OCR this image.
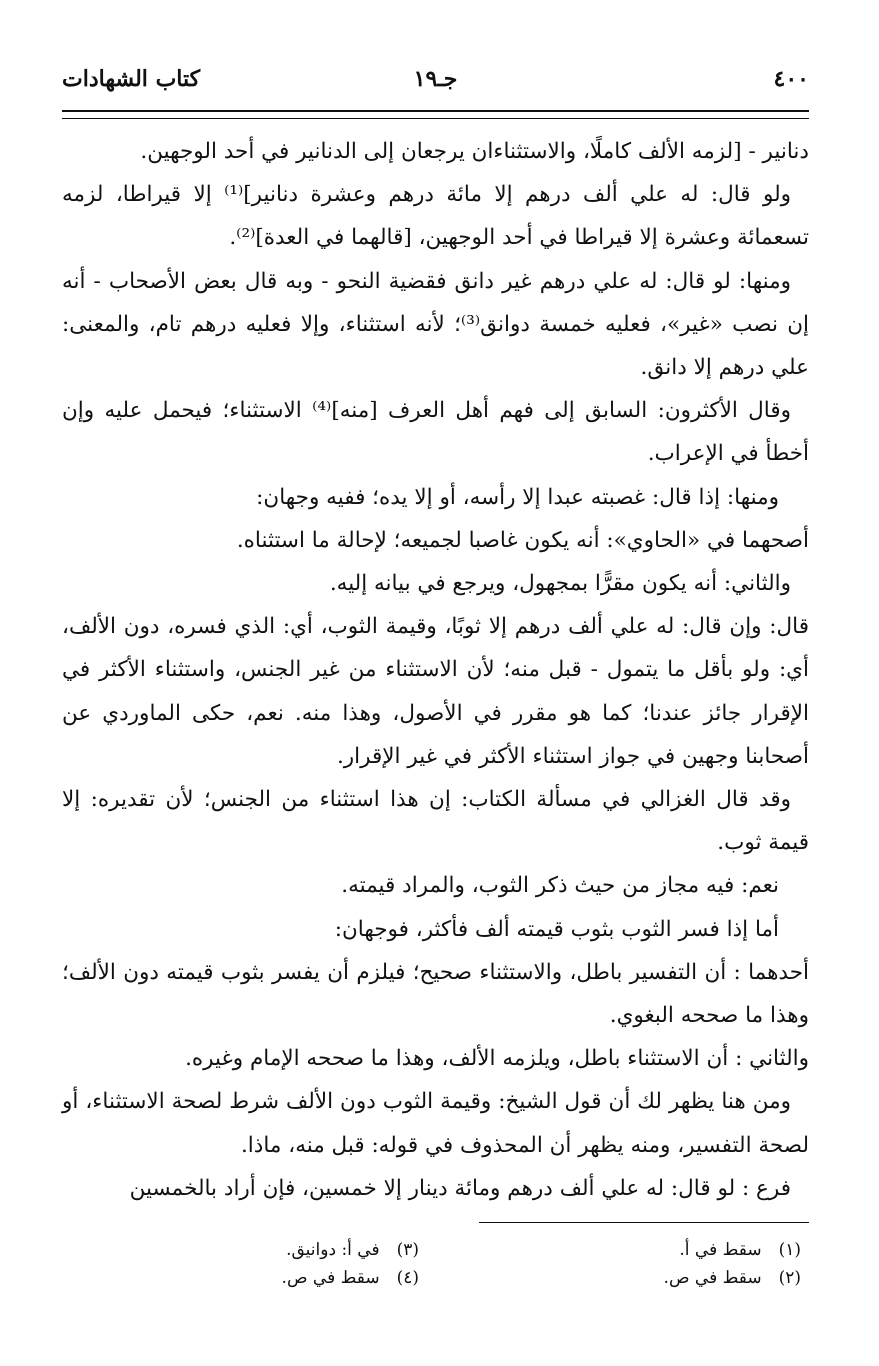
٤٠٠
جـ١٩
كتاب الشهادات

دنانير - [لزمه الألف كاملًا، والاستثناءان يرجعان إلى الدنانير في أحد الوجهين.

ولو قال: له علي ألف درهم إلا مائة درهم وعشرة دنانير]⁽¹⁾ إلا قيراطا، لزمه تسعمائة وعشرة إلا قيراطا في أحد الوجهين، [قالهما في العدة]⁽²⁾.

ومنها: لو قال: له علي درهم غير دانق فقضية النحو - وبه قال بعض الأصحاب - أنه إن نصب «غير»، فعليه خمسة دوانق⁽³⁾؛ لأنه استثناء، وإلا فعليه درهم تام، والمعنى: علي درهم إلا دانق.

وقال الأكثرون: السابق إلى فهم أهل العرف [منه]⁽⁴⁾ الاستثناء؛ فيحمل عليه وإن أخطأ في الإعراب.

ومنها: إذا قال: غصبته عبدا إلا رأسه، أو إلا يده؛ ففيه وجهان:

أصحهما في «الحاوي»: أنه يكون غاصبا لجميعه؛ لإحالة ما استثناه.

والثاني: أنه يكون مقرًّا بمجهول، ويرجع في بيانه إليه.

قال: وإن قال: له علي ألف درهم إلا ثوبًا، وقيمة الثوب، أي: الذي فسره، دون الألف، أي: ولو بأقل ما يتمول - قبل منه؛ لأن الاستثناء من غير الجنس، واستثناء الأكثر في الإقرار جائز عندنا؛ كما هو مقرر في الأصول، وهذا منه. نعم، حكى الماوردي عن أصحابنا وجهين في جواز استثناء الأكثر في غير الإقرار.

وقد قال الغزالي في مسألة الكتاب: إن هذا استثناء من الجنس؛ لأن تقديره: إلا قيمة ثوب.

نعم: فيه مجاز من حيث ذكر الثوب، والمراد قيمته.

أما إذا فسر الثوب بثوب قيمته ألف فأكثر، فوجهان:

أحدهما : أن التفسير باطل، والاستثناء صحيح؛ فيلزم أن يفسر بثوب قيمته دون الألف؛ وهذا ما صححه البغوي.

والثاني : أن الاستثناء باطل، ويلزمه الألف، وهذا ما صححه الإمام وغيره.

ومن هنا يظهر لك أن قول الشيخ: وقيمة الثوب دون الألف شرط لصحة الاستثناء، أو لصحة التفسير، ومنه يظهر أن المحذوف في قوله: قبل منه، ماذا.

فرع : لو قال: له علي ألف درهم ومائة دينار إلا خمسين، فإن أراد بالخمسين

(١) سقط في أ.
(٢) سقط في ص.
(٣) في أ: دوانيق.
(٤) سقط في ص.
